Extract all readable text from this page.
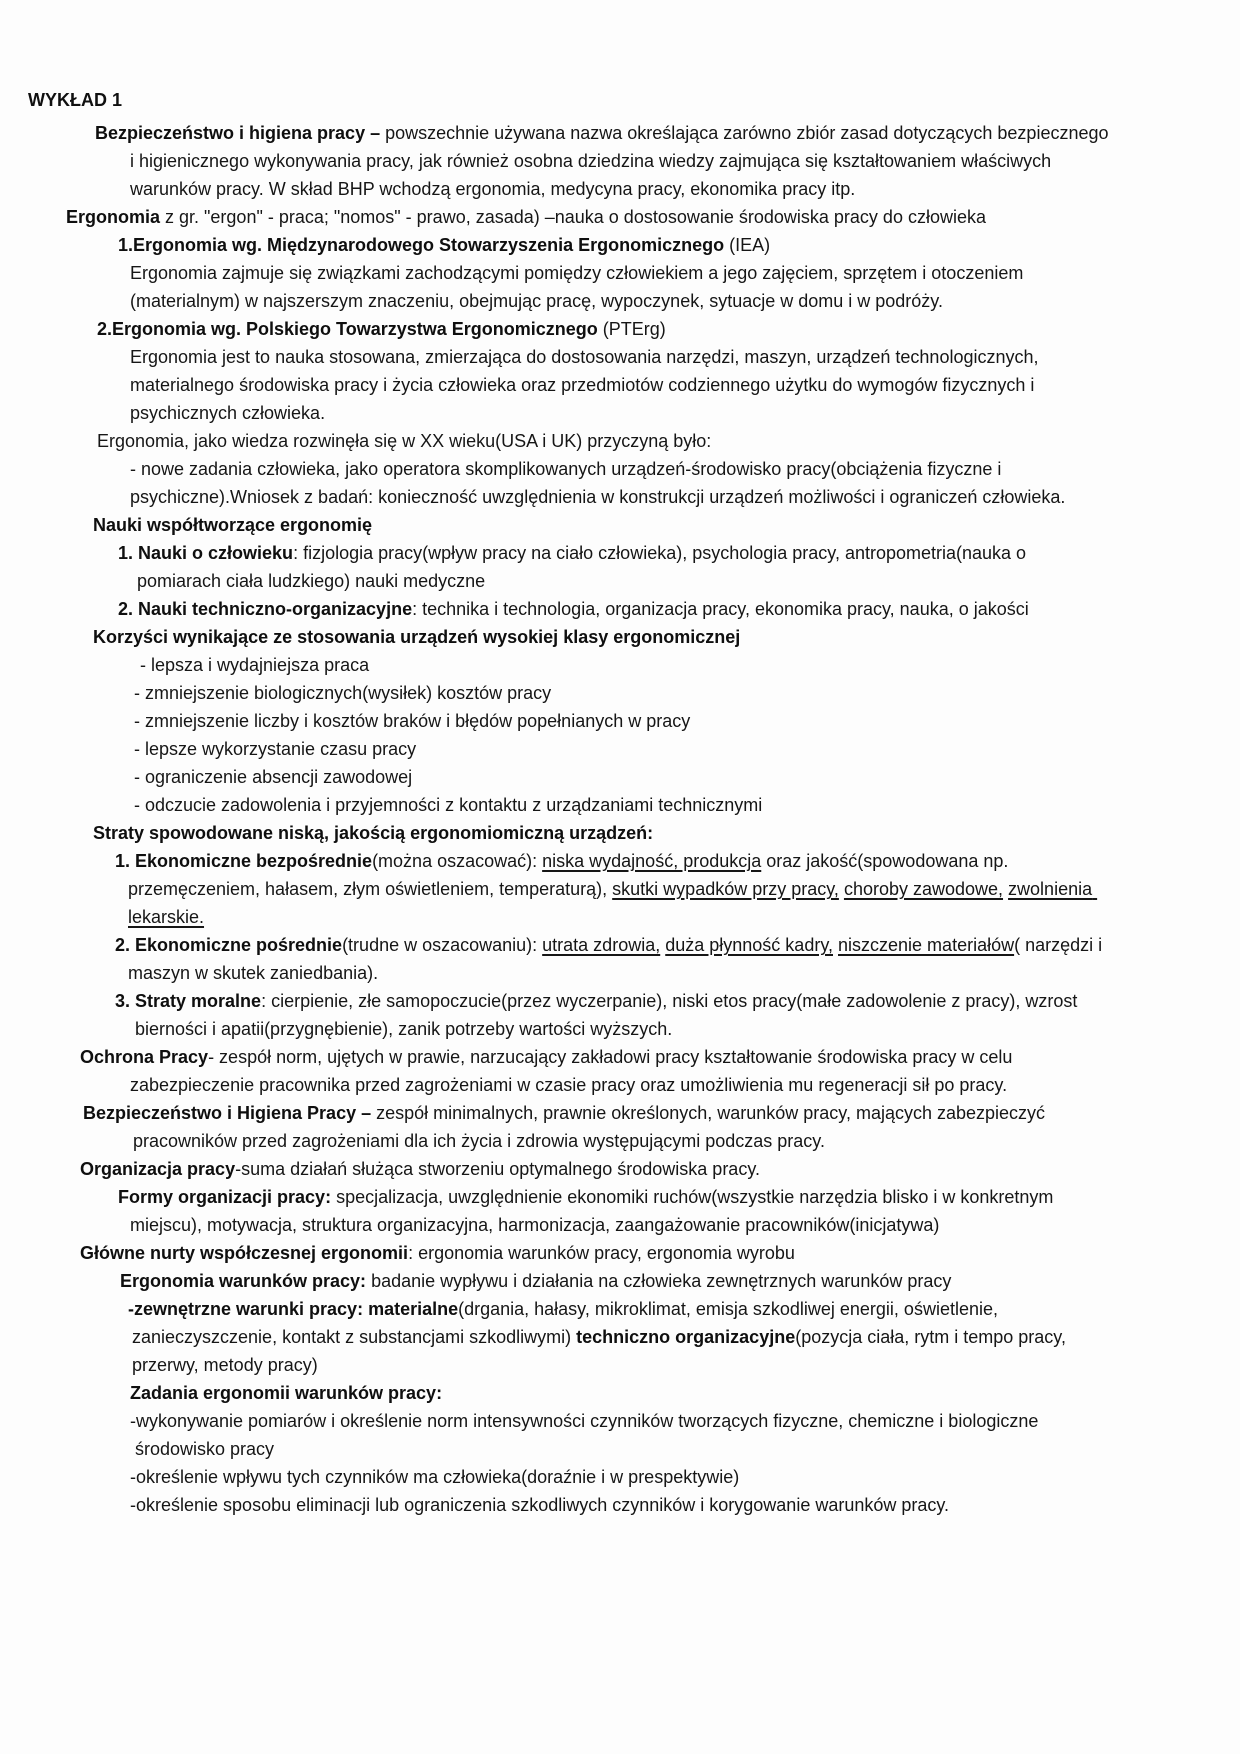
WYKŁAD 1
Bezpieczeństwo i higiena pracy – powszechnie używana nazwa określająca zarówno zbiór zasad dotyczących bezpiecznego i higienicznego wykonywania pracy, jak również osobna dziedzina wiedzy zajmująca się kształtowaniem właściwych warunków pracy. W skład BHP wchodzą ergonomia, medycyna pracy, ekonomika pracy itp.
Ergonomia z gr. "ergon" - praca; "nomos" - prawo, zasada) –nauka o dostosowanie środowiska pracy do człowieka
1.Ergonomia wg. Międzynarodowego Stowarzyszenia Ergonomicznego (IEA)
Ergonomia zajmuje się związkami zachodzącymi pomiędzy człowiekiem a jego zajęciem, sprzętem i otoczeniem (materialnym) w najszerszym znaczeniu, obejmując pracę, wypoczynek, sytuacje w domu i w podróży.
2.Ergonomia wg. Polskiego Towarzystwa Ergonomicznego (PTErg)
Ergonomia jest to nauka stosowana, zmierzająca do dostosowania narzędzi, maszyn, urządzeń technologicznych, materialnego środowiska pracy i życia człowieka oraz przedmiotów codziennego użytku do wymogów fizycznych i psychicznych człowieka.
Ergonomia, jako wiedza rozwinęła się w XX wieku(USA i UK) przyczyną było:
- nowe zadania człowieka, jako operatora skomplikowanych urządzeń-środowisko pracy(obciążenia fizyczne i psychiczne).Wniosek z badań: konieczność uwzględnienia w konstrukcji urządzeń możliwości i ograniczeń człowieka.
Nauki współtworzące ergonomię
1. Nauki o człowieku: fizjologia pracy(wpływ pracy na ciało człowieka), psychologia pracy, antropometria(nauka o pomiarach ciała ludzkiego) nauki medyczne
2. Nauki techniczno-organizacyjne: technika i technologia, organizacja pracy, ekonomika pracy, nauka, o jakości
Korzyści wynikające ze stosowania urządzeń wysokiej klasy ergonomicznej
- lepsza i wydajniejsza praca
- zmniejszenie biologicznych(wysiłek) kosztów pracy
- zmniejszenie liczby i kosztów braków i błędów popełnianych w pracy
- lepsze wykorzystanie czasu pracy
- ograniczenie absencji zawodowej
- odczucie zadowolenia i przyjemności z kontaktu z urządzaniami technicznymi
Straty spowodowane niską, jakością ergonomiomiczną urządzeń:
1. Ekonomiczne bezpośrednie(można oszacować): niska wydajność, produkcja oraz jakość(spowodowana np. przemęczeniem, hałasem, złym oświetleniem, temperaturą), skutki wypadków przy pracy, choroby zawodowe, zwolnienia lekarskie.
2. Ekonomiczne pośrednie(trudne w oszacowaniu): utrata zdrowia, duża płynność kadry, niszczenie materiałów( narzędzi i maszyn w skutek zaniedbania).
3. Straty moralne: cierpienie, złe samopoczucie(przez wyczerpanie), niski etos pracy(małe zadowolenie z pracy), wzrost bierności i apatii(przygnębienie), zanik potrzeby wartości wyższych.
Ochrona Pracy- zespół norm, ujętych w prawie, narzucający zakładowi pracy kształtowanie środowiska pracy w celu zabezpieczenie pracownika przed zagrożeniami w czasie pracy oraz umożliwienia mu regeneracji sił po pracy.
Bezpieczeństwo i Higiena Pracy – zespół minimalnych, prawnie określonych, warunków pracy, mających zabezpieczyć pracowników przed zagrożeniami dla ich życia i zdrowia występującymi podczas pracy.
Organizacja pracy-suma działań służąca stworzeniu optymalnego środowiska pracy.
Formy organizacji pracy: specjalizacja, uwzględnienie ekonomiki ruchów(wszystkie narzędzia blisko i w konkretnym miejscu), motywacja, struktura organizacyjna, harmonizacja, zaangażowanie pracowników(inicjatywa)
Główne nurty współczesnej ergonomii: ergonomia warunków pracy, ergonomia wyrobu
Ergonomia warunków pracy: badanie wypływu i działania na człowieka zewnętrznych warunków pracy
-zewnętrzne warunki pracy: materialne(drgania, hałasy, mikroklimat, emisja szkodliwej energii, oświetlenie, zanieczyszczenie, kontakt z substancjami szkodliwymi) techniczno organizacyjne(pozycja ciała, rytm i tempo pracy, przerwy, metody pracy)
Zadania ergonomii warunków pracy:
-wykonywanie pomiarów i określenie norm intensywności czynników tworzących fizyczne, chemiczne i biologiczne środowisko pracy
-określenie wpływu tych czynników ma człowieka(doraźnie i w prespektywie)
-określenie sposobu eliminacji lub ograniczenia szkodliwych czynników i korygowanie warunków pracy.
